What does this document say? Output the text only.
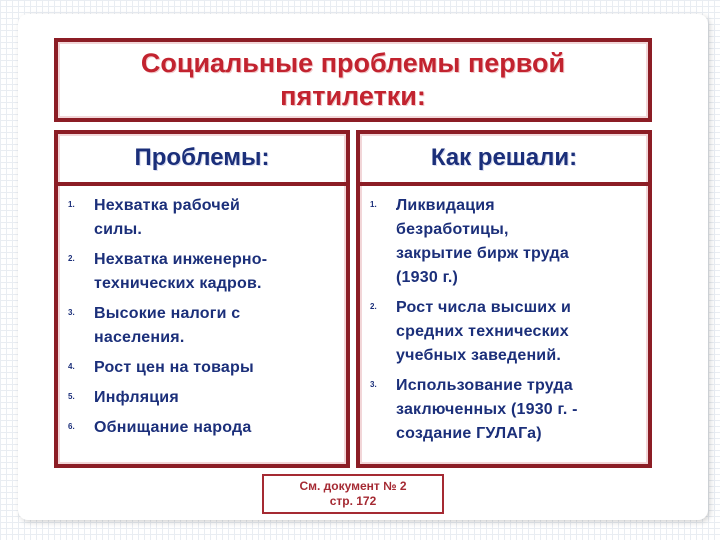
Социальные проблемы первой
пятилетки:
Проблемы:
1.	Нехватка рабочей
силы.
2.	Нехватка инженерно-
технических кадров.
3.	Высокие налоги с
населения.
4.	Рост цен на товары
5.	Инфляция
6.	Обнищание народа
Как решали:
1.	Ликвидация
безработицы,
закрытие бирж труда
(1930 г.)
2.	Рост числа высших и
средних технических
учебных заведений.
3.	Использование труда
заключенных (1930 г. -
создание ГУЛАГа)
См. документ № 2
стр. 172
